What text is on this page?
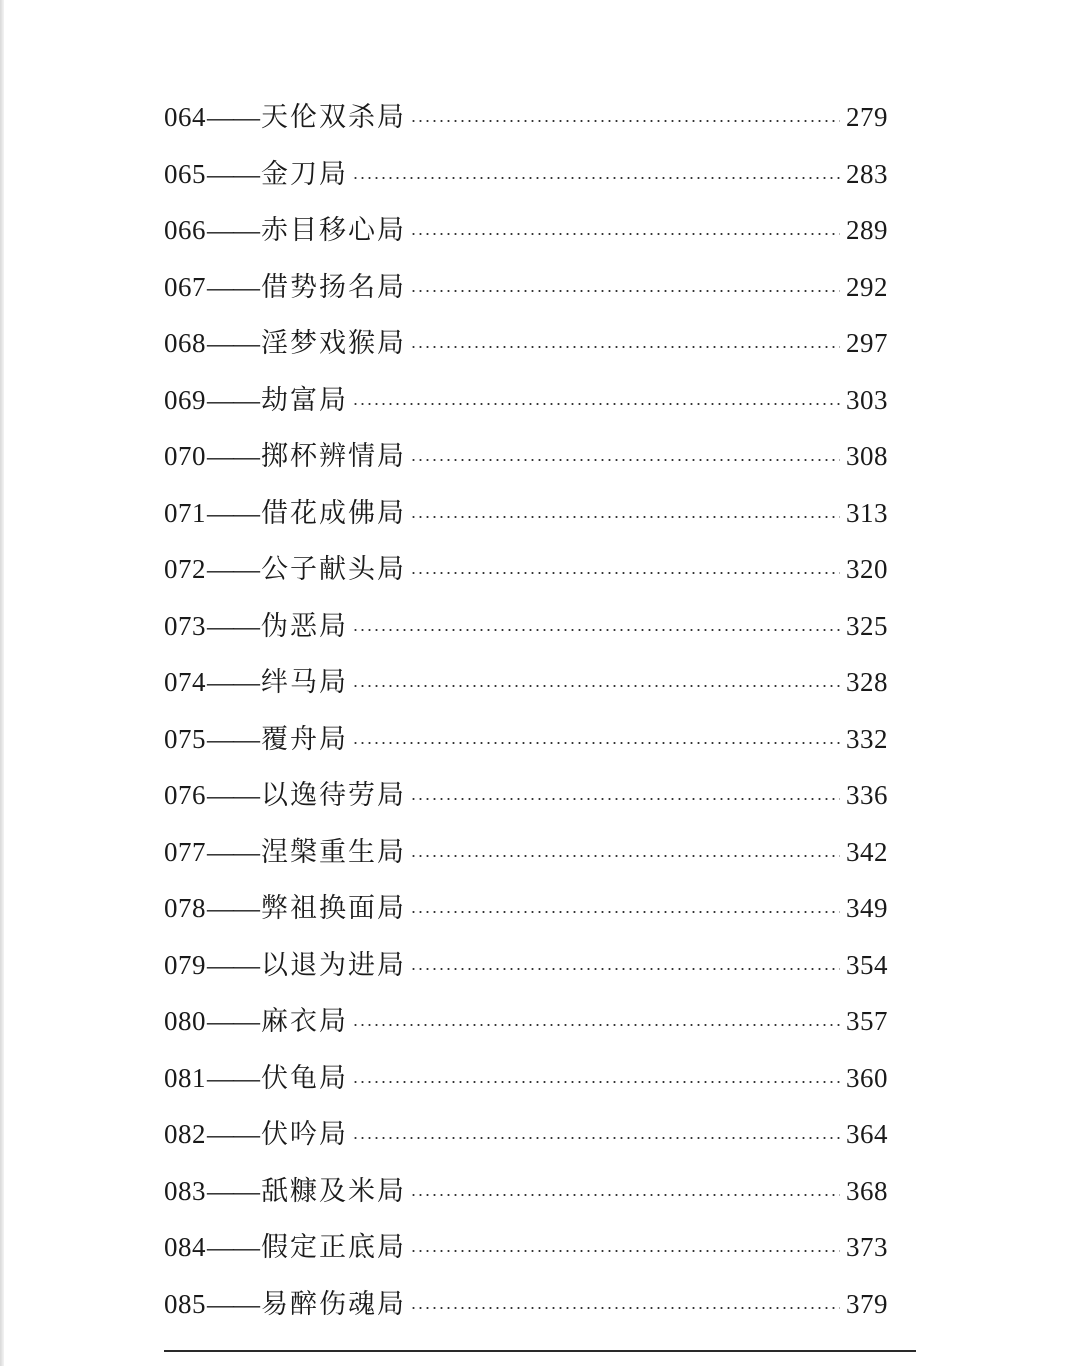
064 —— 天伦双杀局	279
065 —— 金刀局	283
066 —— 赤目移心局	289
067 —— 借势扬名局	292
068 —— 淫梦戏猴局	297
069 —— 劫富局	303
070 —— 掷杯辨情局	308
071 —— 借花成佛局	313
072 —— 公子献头局	320
073 —— 伪恶局	325
074 —— 绊马局	328
075 —— 覆舟局	332
076 —— 以逸待劳局	336
077 —— 涅槃重生局	342
078 —— 弊祖换面局	349
079 —— 以退为进局	354
080 —— 麻衣局	357
081 —— 伏龟局	360
082 —— 伏吟局	364
083 —— 舐糠及米局	368
084 —— 假定正底局	373
085 —— 易醉伤魂局	379
